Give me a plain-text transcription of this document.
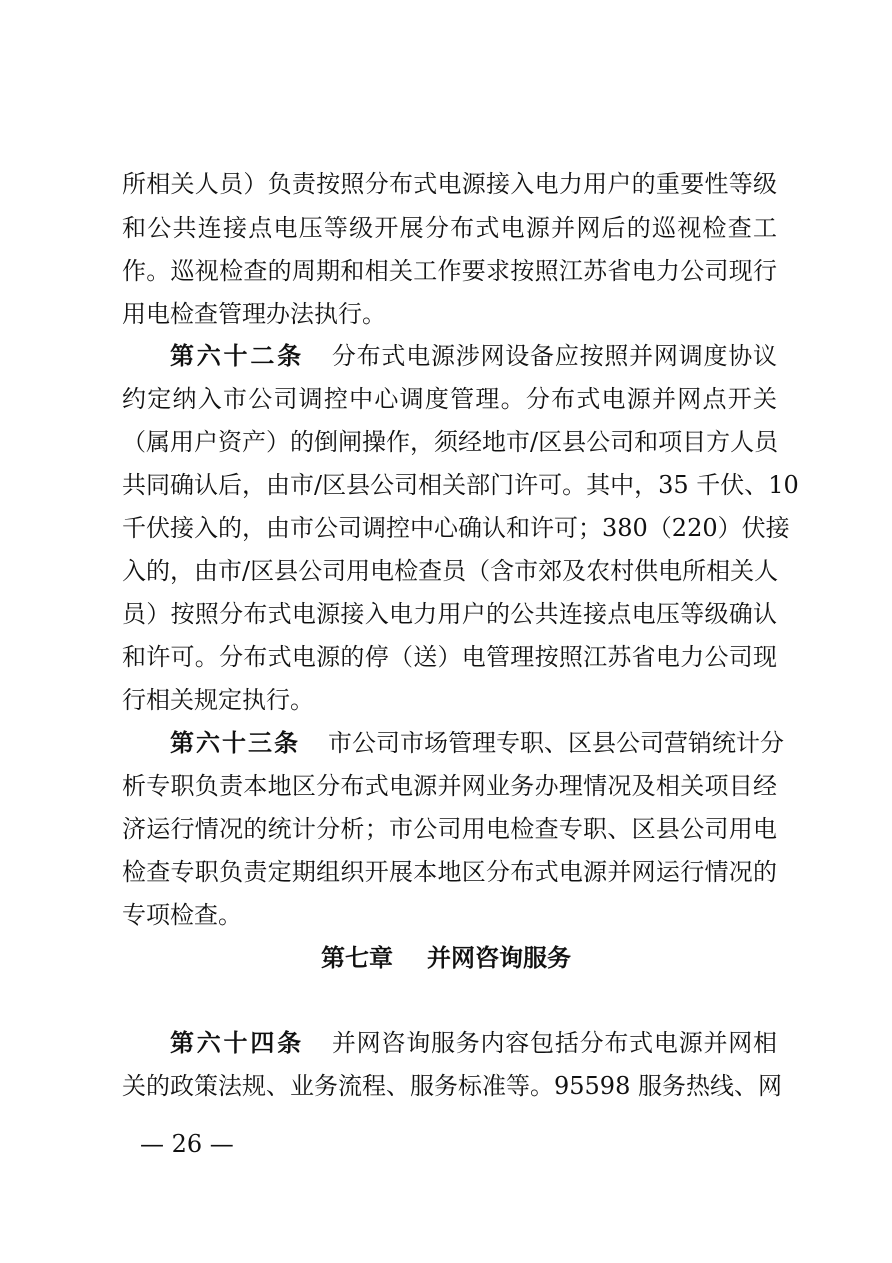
所相关人员）负责按照分布式电源接入电力用户的重要性等级
和公共连接点电压等级开展分布式电源并网后的巡视检查工
作。巡视检查的周期和相关工作要求按照江苏省电力公司现行
用电检查管理办法执行。
第六十二条 分布式电源涉网设备应按照并网调度协议
约定纳入市公司调控中心调度管理。分布式电源并网点开关
（属用户资产）的倒闸操作，须经地市/区县公司和项目方人员
共同确认后，由市/区县公司相关部门许可。其中，35 千伏、10
千伏接入的，由市公司调控中心确认和许可；380（220）伏接
入的，由市/区县公司用电检查员（含市郊及农村供电所相关人
员）按照分布式电源接入电力用户的公共连接点电压等级确认
和许可。分布式电源的停（送）电管理按照江苏省电力公司现
行相关规定执行。
第六十三条 市公司市场管理专职、区县公司营销统计分
析专职负责本地区分布式电源并网业务办理情况及相关项目经
济运行情况的统计分析；市公司用电检查专职、区县公司用电
检查专职负责定期组织开展本地区分布式电源并网运行情况的
专项检查。
第七章 并网咨询服务
第六十四条 并网咨询服务内容包括分布式电源并网相
关的政策法规、业务流程、服务标准等。95598 服务热线、网
— 26 —
